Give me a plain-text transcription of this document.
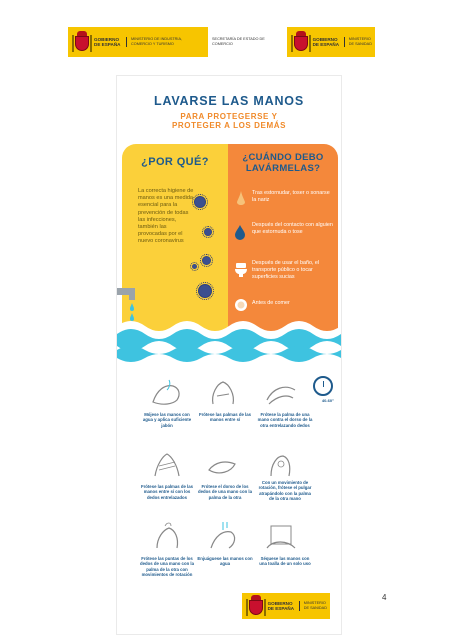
GOBIERNO DE ESPAÑA
MINISTERIO DE INDUSTRIA, COMERCIO Y TURISMO
SECRETARÍA DE ESTADO DE COMERCIO
GOBIERNO DE ESPAÑA
MINISTERIO DE SANIDAD
LAVARSE LAS MANOS
PARA PROTEGERSE Y
PROTEGER A LOS DEMÁS
¿POR QUÉ?
La correcta higiene de manos es una medida esencial para la prevención de todas las infecciones, también las provocadas por el nuevo coronavirus
¿CUÁNDO DEBO
LAVÁRMELAS?
Tras estornudar, toser o sonarse la nariz
Después del contacto con alguien que estornuda o tose
Después de usar el baño, el transporte público o tocar superficies sucias
Antes de comer
40-60''
Mójese las manos con agua y aplica suficiente jabón
Frótese las palmas de las manos entre sí
Frótese la palma de una mano contra el dorso de la otra entrelazando dedos
Frótese las palmas de las manos entre sí con los dedos entrelazados
Frótese el dorso de los dedos de una mano con la palma de la otra
Con un movimiento de rotación, frótese el pulgar atrapándolo con la palma de la otra mano
Frótese las puntas de los dedos de una mano con la palma de la otra con movimientos de rotación
Enjuáguese las manos con agua
Séquese las manos con una toalla de un solo uso
GOBIERNO DE ESPAÑA
MINISTERIO DE SANIDAD
4
